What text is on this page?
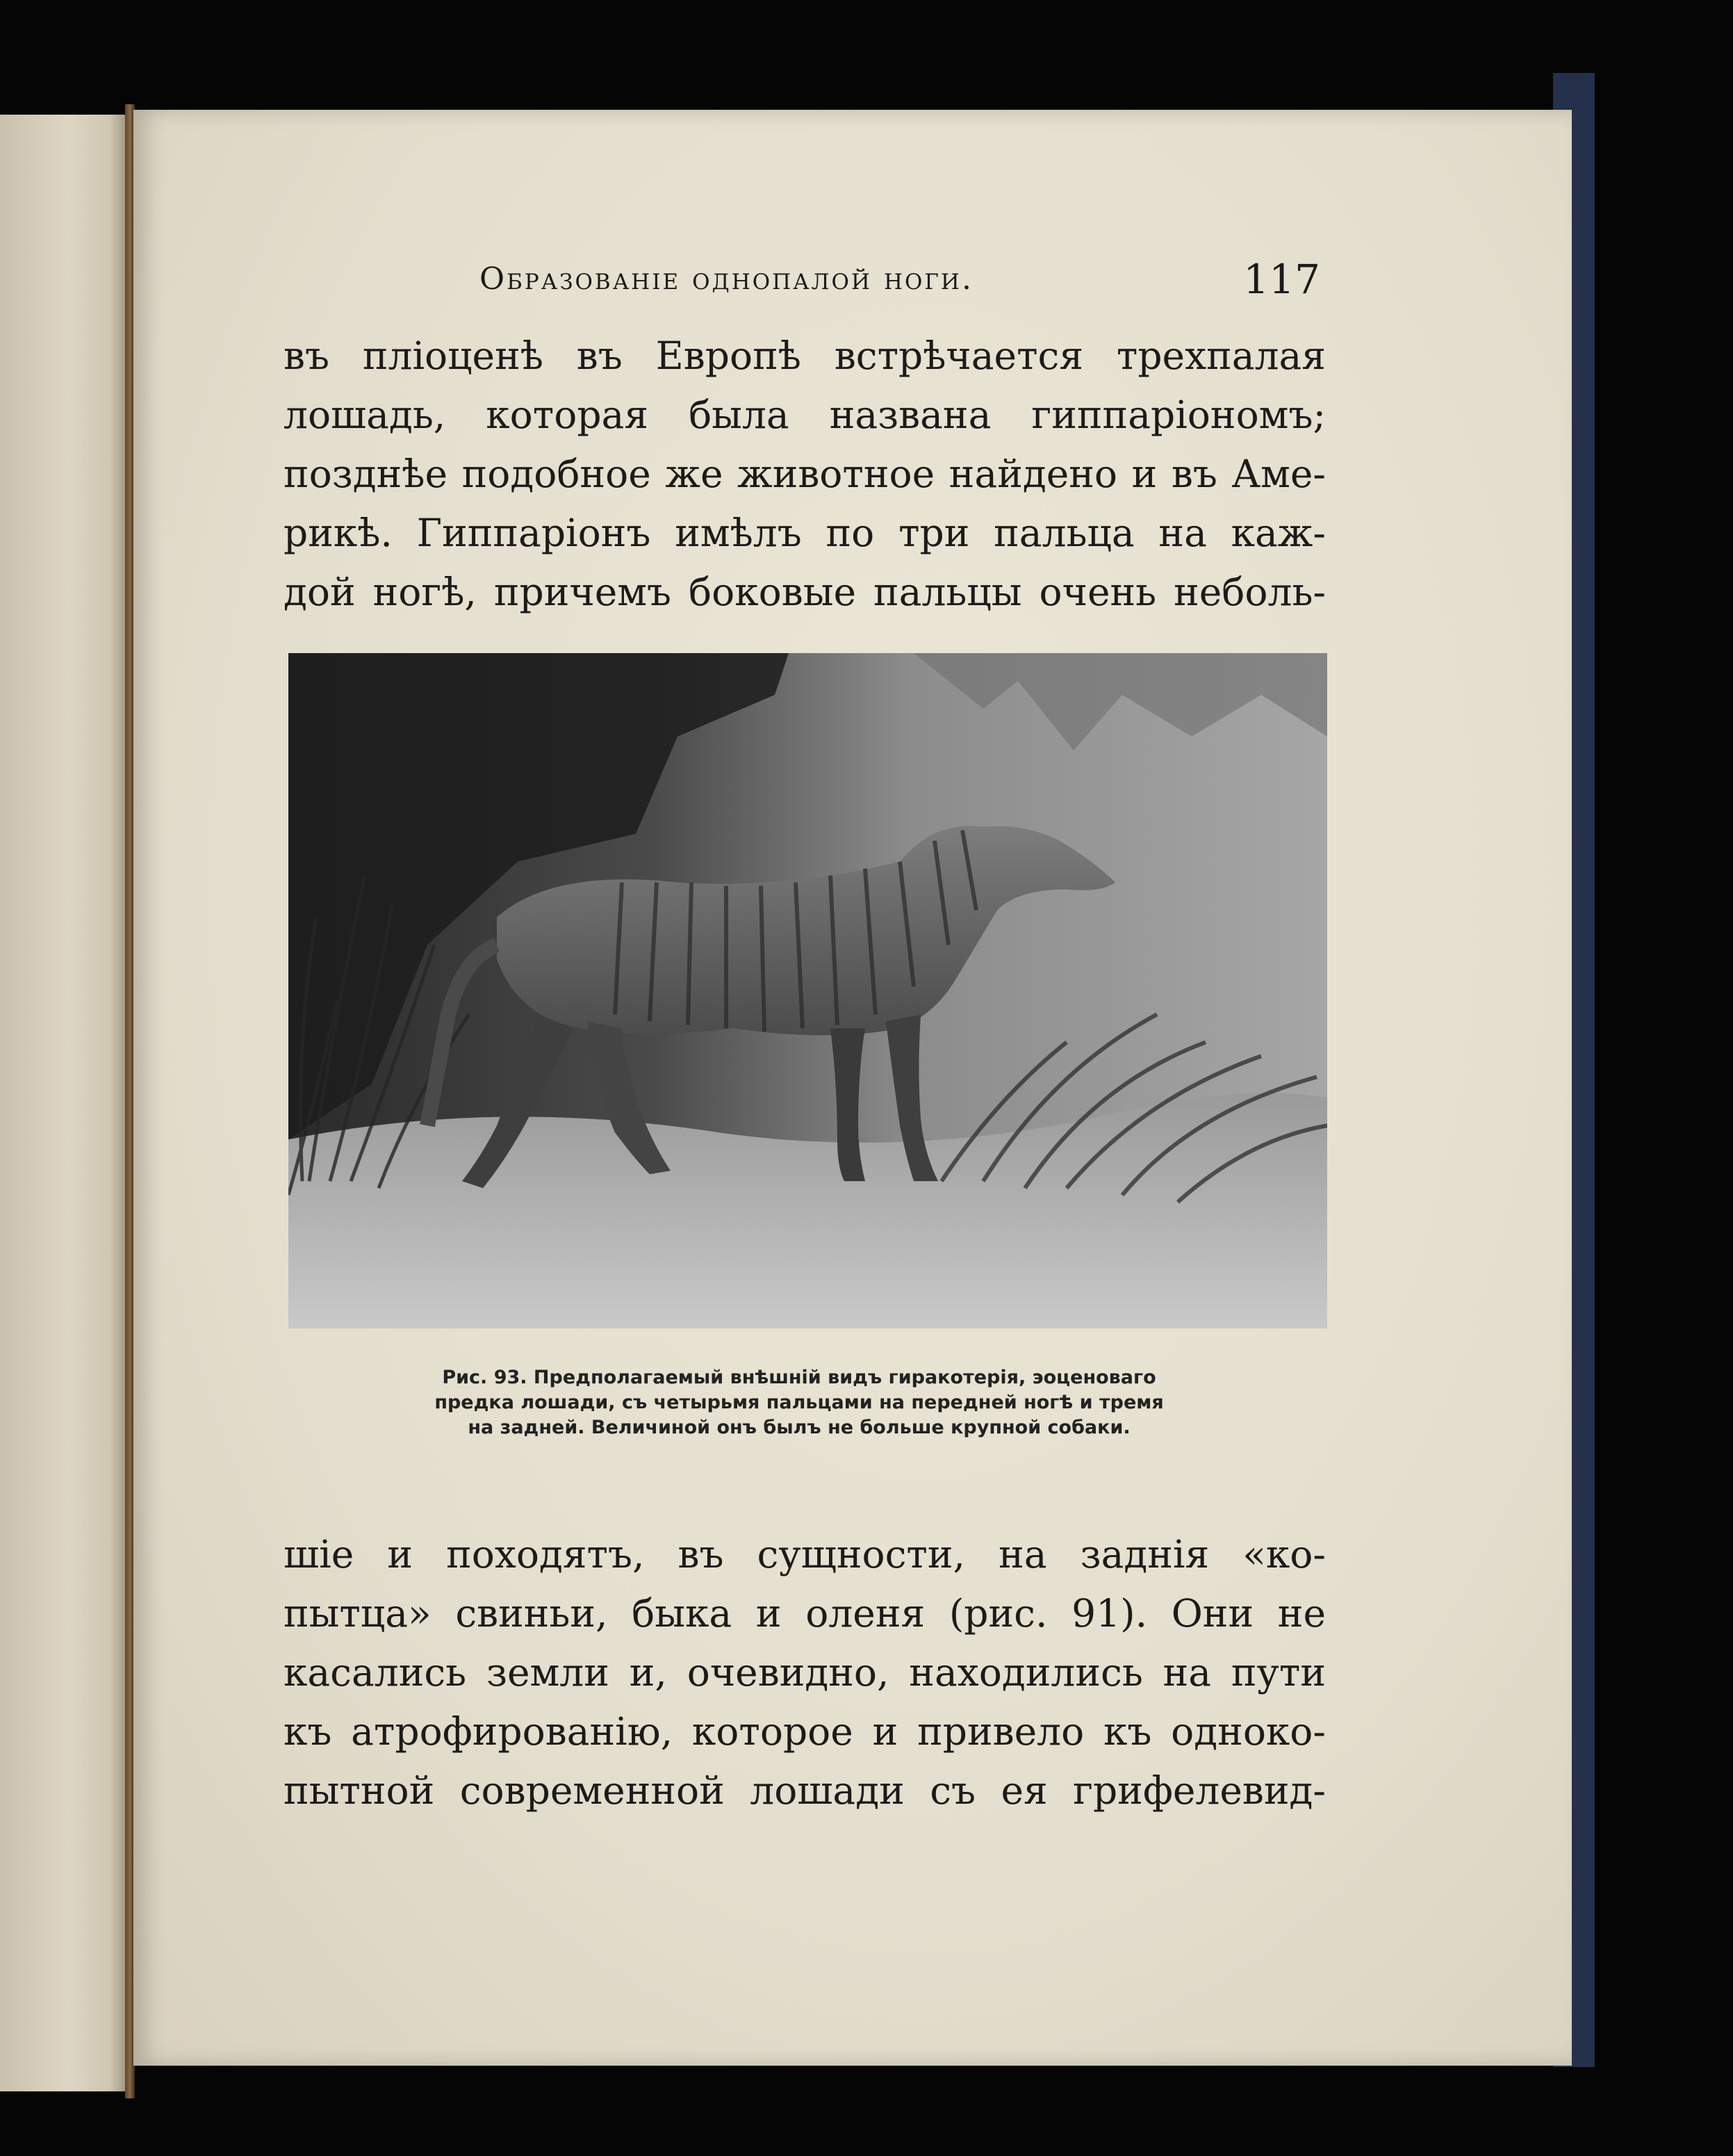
Образованіе однопалой ноги.	117
въ пліоценѣ въ Европѣ встрѣчается трехпалая
лошадь, которая была названа гиппаріономъ;
позднѣе подобное же животное найдено и въ Аме-
рикѣ. Гиппаріонъ имѣлъ по три пальца на каж-
дой ногѣ, причемъ боковые пальцы очень неболь-
Рис. 93. Предполагаемый внѣшній видъ гиракотерія, эоценоваго
предка лошади, съ четырьмя пальцами на передней ногѣ и тремя
на задней. Величиной онъ былъ не больше крупной собаки.
шіе и походятъ, въ сущности, на заднія «ко-
пытца» свиньи, быка и оленя (рис. 91). Они не
касались земли и, очевидно, находились на пути
къ атрофированію, которое и привело къ одноко-
пытной современной лошади съ ея грифелевид-
